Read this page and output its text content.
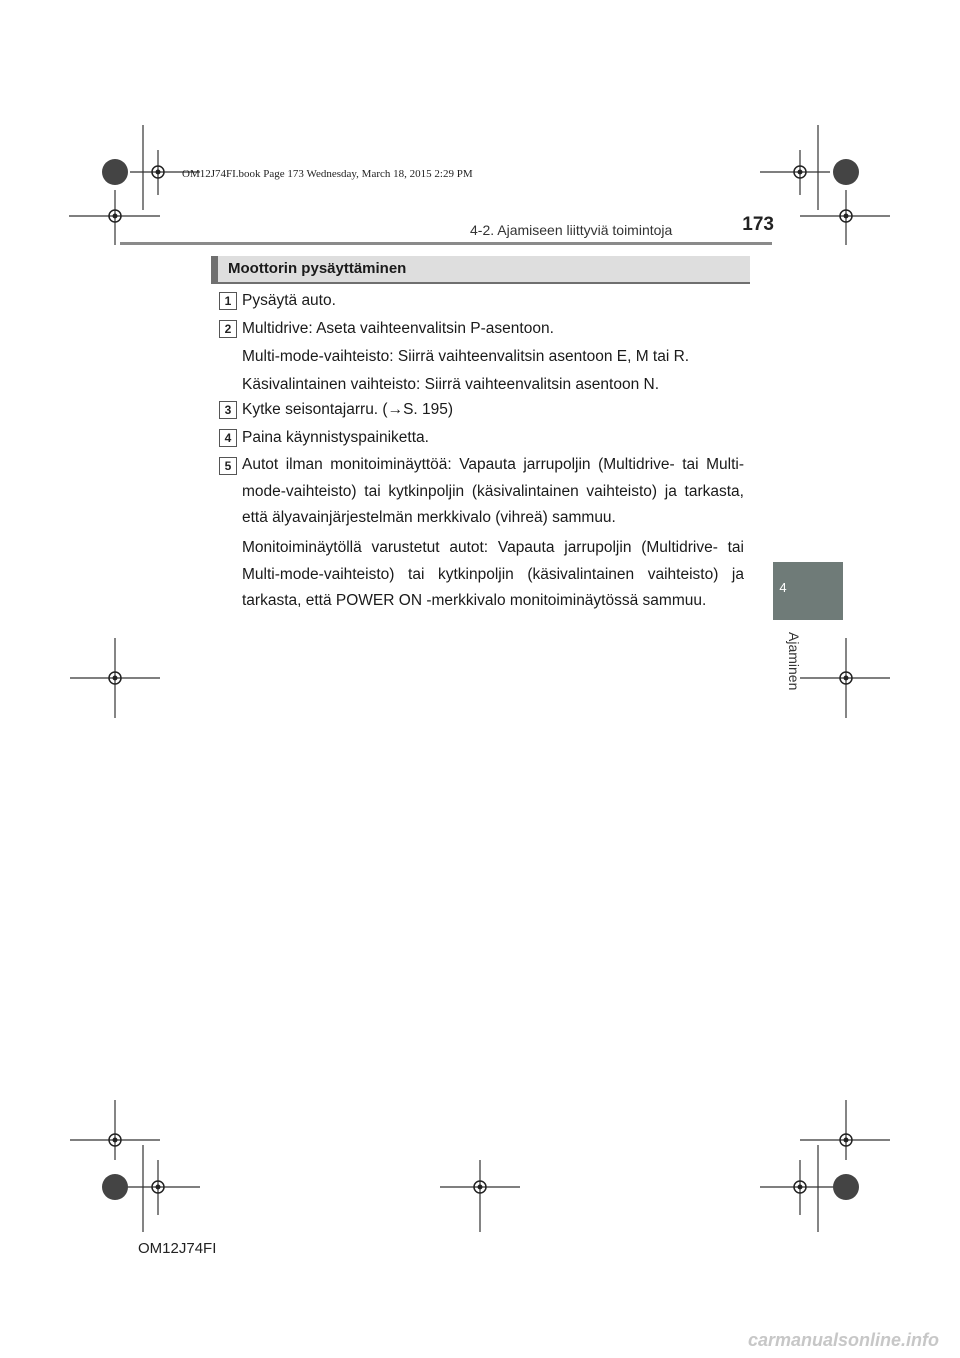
OM12J74FI.book Page 173 Wednesday, March 18, 2015 2:29 PM
4-2. Ajamiseen liittyviä toimintoja	173
Moottorin pysäyttäminen
1 Pysäytä auto.
2 Multidrive: Aseta vaihteenvalitsin P-asentoon.
Multi-mode-vaihteisto: Siirrä vaihteenvalitsin asentoon E, M tai R.
Käsivalintainen vaihteisto: Siirrä vaihteenvalitsin asentoon N.
3 Kytke seisontajarru. (→S. 195)
4 Paina käynnistyspainiketta.
5 Autot ilman monitoiminäyttöä: Vapauta jarrupoljin (Multidrive- tai Multi-mode-vaihteisto) tai kytkinpoljin (käsivalintainen vaihteisto) ja tarkasta, että älyavainjärjestelmän merkkivalo (vihreä) sammuu.
Monitoiminäytöllä varustetut autot: Vapauta jarrupoljin (Multidrive- tai Multi-mode-vaihteisto) tai kytkinpoljin (käsivalintainen vaihteisto) ja tarkasta, että POWER ON -merkkivalo monitoiminäytössä sammuu.
4
Ajaminen
OM12J74FI
carmanualsonline.info
